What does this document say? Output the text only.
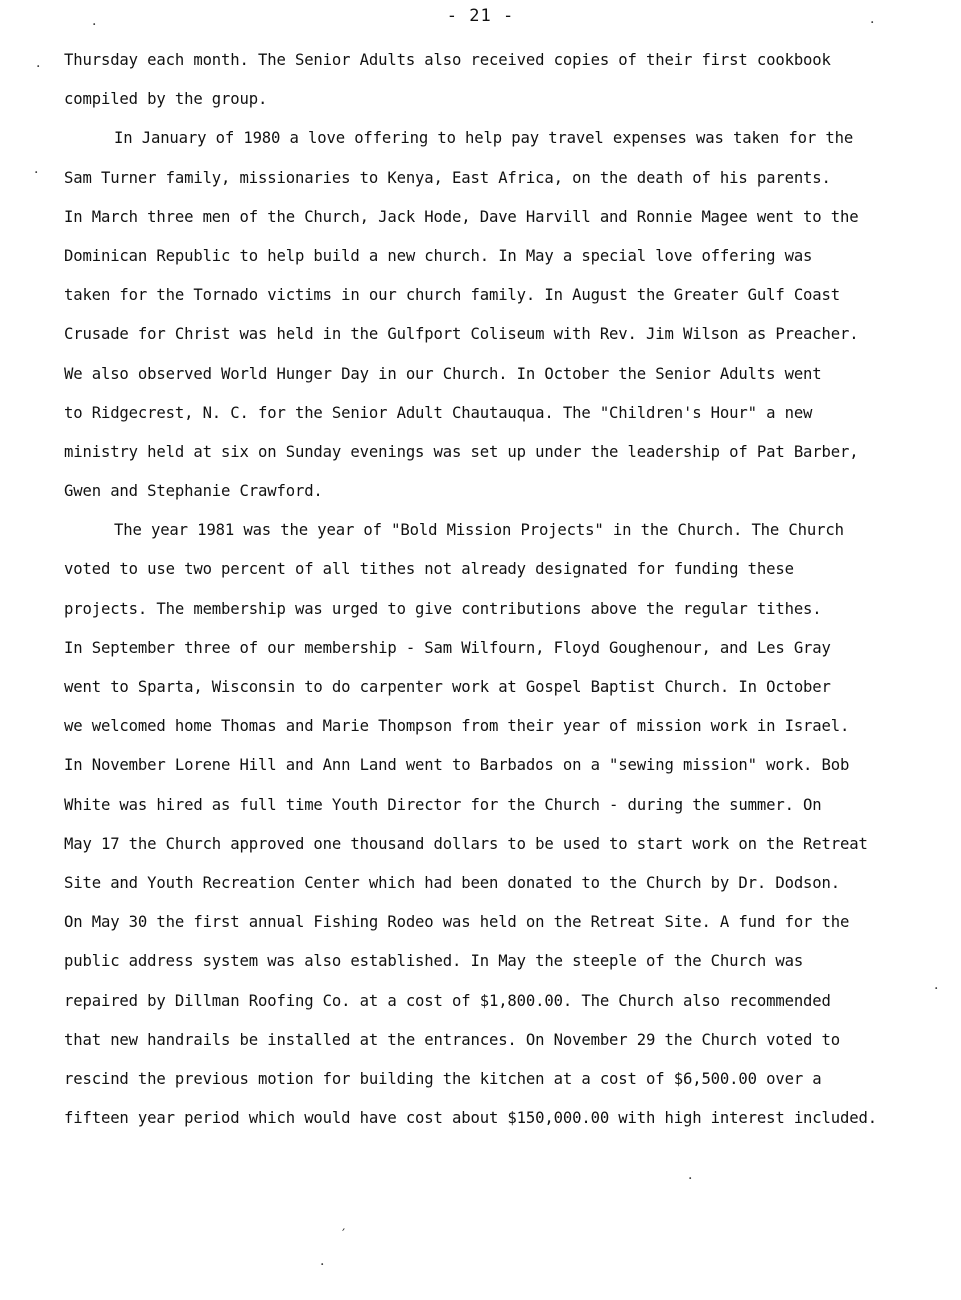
- 21 -
Thursday each month. The Senior Adults also received copies of their first cookbook
compiled by the group.
In January of 1980 a love offering to help pay travel expenses was taken for the
Sam Turner family, missionaries to Kenya, East Africa, on the death of his parents.
In March three men of the Church, Jack Hode, Dave Harvill and Ronnie Magee went to the
Dominican Republic to help build a new church. In May a special love offering was
taken for the Tornado victims in our church family. In August the Greater Gulf Coast
Crusade for Christ was held in the Gulfport Coliseum with Rev. Jim Wilson as Preacher.
We also observed World Hunger Day in our Church. In October the Senior Adults went
to Ridgecrest, N. C. for the Senior Adult Chautauqua. The "Children's Hour" a new
ministry held at six on Sunday evenings was set up under the leadership of Pat Barber,
Gwen and Stephanie Crawford.
The year 1981 was the year of "Bold Mission Projects" in the Church. The Church
voted to use two percent of all tithes not already designated for funding these
projects. The membership was urged to give contributions above the regular tithes.
In September three of our membership - Sam Wilfourn, Floyd Goughenour, and Les Gray
went to Sparta, Wisconsin to do carpenter work at Gospel Baptist Church. In October
we welcomed home Thomas and Marie Thompson from their year of mission work in Israel.
In November Lorene Hill and Ann Land went to Barbados on a "sewing mission" work. Bob
White was hired as full time Youth Director for the Church - during the summer. On
May 17 the Church approved one thousand dollars to be used to start work on the Retreat
Site and Youth Recreation Center which had been donated to the Church by Dr. Dodson.
On May 30 the first annual Fishing Rodeo was held on the Retreat Site. A fund for the
public address system was also established. In May the steeple of the Church was
repaired by Dillman Roofing Co. at a cost of $1,800.00. The Church also recommended
that new handrails be installed at the entrances. On November 29 the Church voted to
rescind the previous motion for building the kitchen at a cost of $6,500.00 over a
fifteen year period which would have cost about $150,000.00 with high interest included.
·
·
·
·
′
·
·
·
